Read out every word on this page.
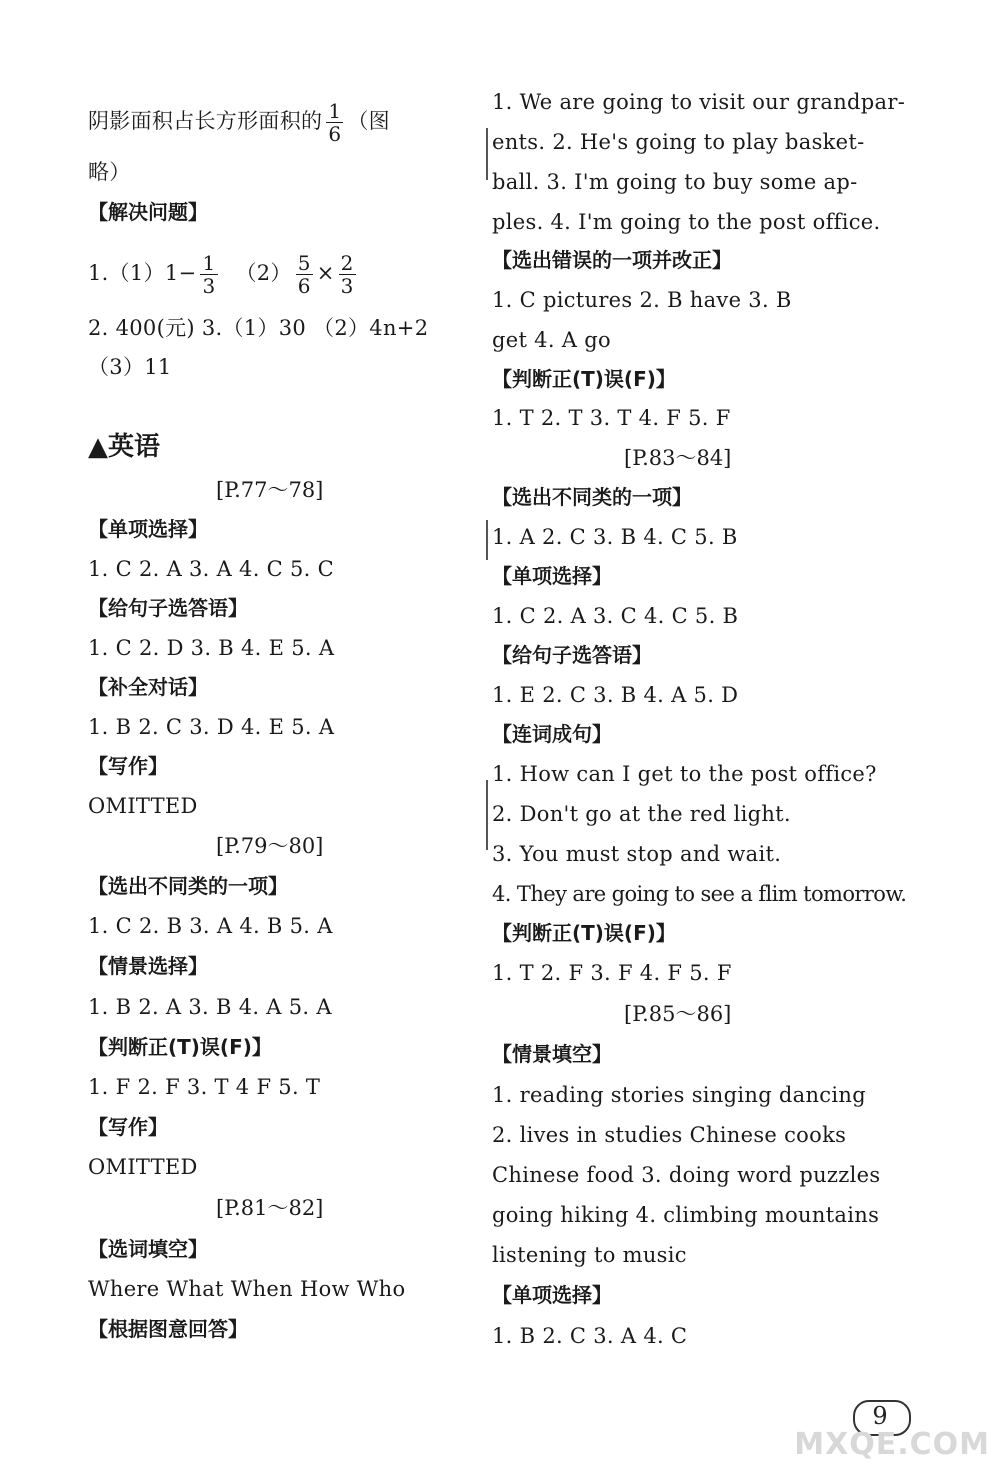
阴影面积占长方形面积的 $\frac{1}{6}$ （图
略）
【解决问题】
$1.(1)1- \frac{1}{3} (2) \frac{5}{6} \times \frac{2}{3}$
2. 400(元) 3.（1）30 （2）4n+2
（3）11
▲英语
[P.77～78]
【单项选择】
1. C 2. A 3. A 4. C 5. C
【给句子选答语】
1. C 2. D 3. B 4. E 5. A
【补全对话】
1. B 2. C 3. D 4. E 5. A
【写作】
OMITTED
[P.79～80]
【选出不同类的一项】
1. C 2. B 3. A 4. B 5. A
【情景选择】
1. B 2. A 3. B 4. A 5. A
【判断正(T)误(F)】
1. F 2. F 3. T 4 F 5. T
【写作】
OMITTED
[P.81～82]
【选词填空】
Where What When How Who
【根据图意回答】
1. We are going to visit our grandpar-
ents. 2. He's going to play basket-
ball. 3. I'm going to buy some ap-
ples. 4. I'm going to the post office.
【选出错误的一项并改正】
1. C pictures 2. B have 3. B
get 4. A go
【判断正(T)误(F)】
1. T 2. T 3. T 4. F 5. F
[P.83～84]
【选出不同类的一项】
1. A 2. C 3. B 4. C 5. B
【单项选择】
1. C 2. A 3. C 4. C 5. B
【给句子选答语】
1. E 2. C 3. B 4. A 5. D
【连词成句】
1. How can I get to the post office?
2. Don't go at the red light.
3. You must stop and wait.
4. They are going to see a flim tomorrow.
【判断正(T)误(F)】
1. T 2. F 3. F 4. F 5. F
[P.85～86]
【情景填空】
1. reading stories singing dancing
2. lives in studies Chinese cooks
Chinese food 3. doing word puzzles
going hiking 4. climbing mountains
listening to music
【单项选择】
1. B 2. C 3. A 4. C
9
MXQE.COM
